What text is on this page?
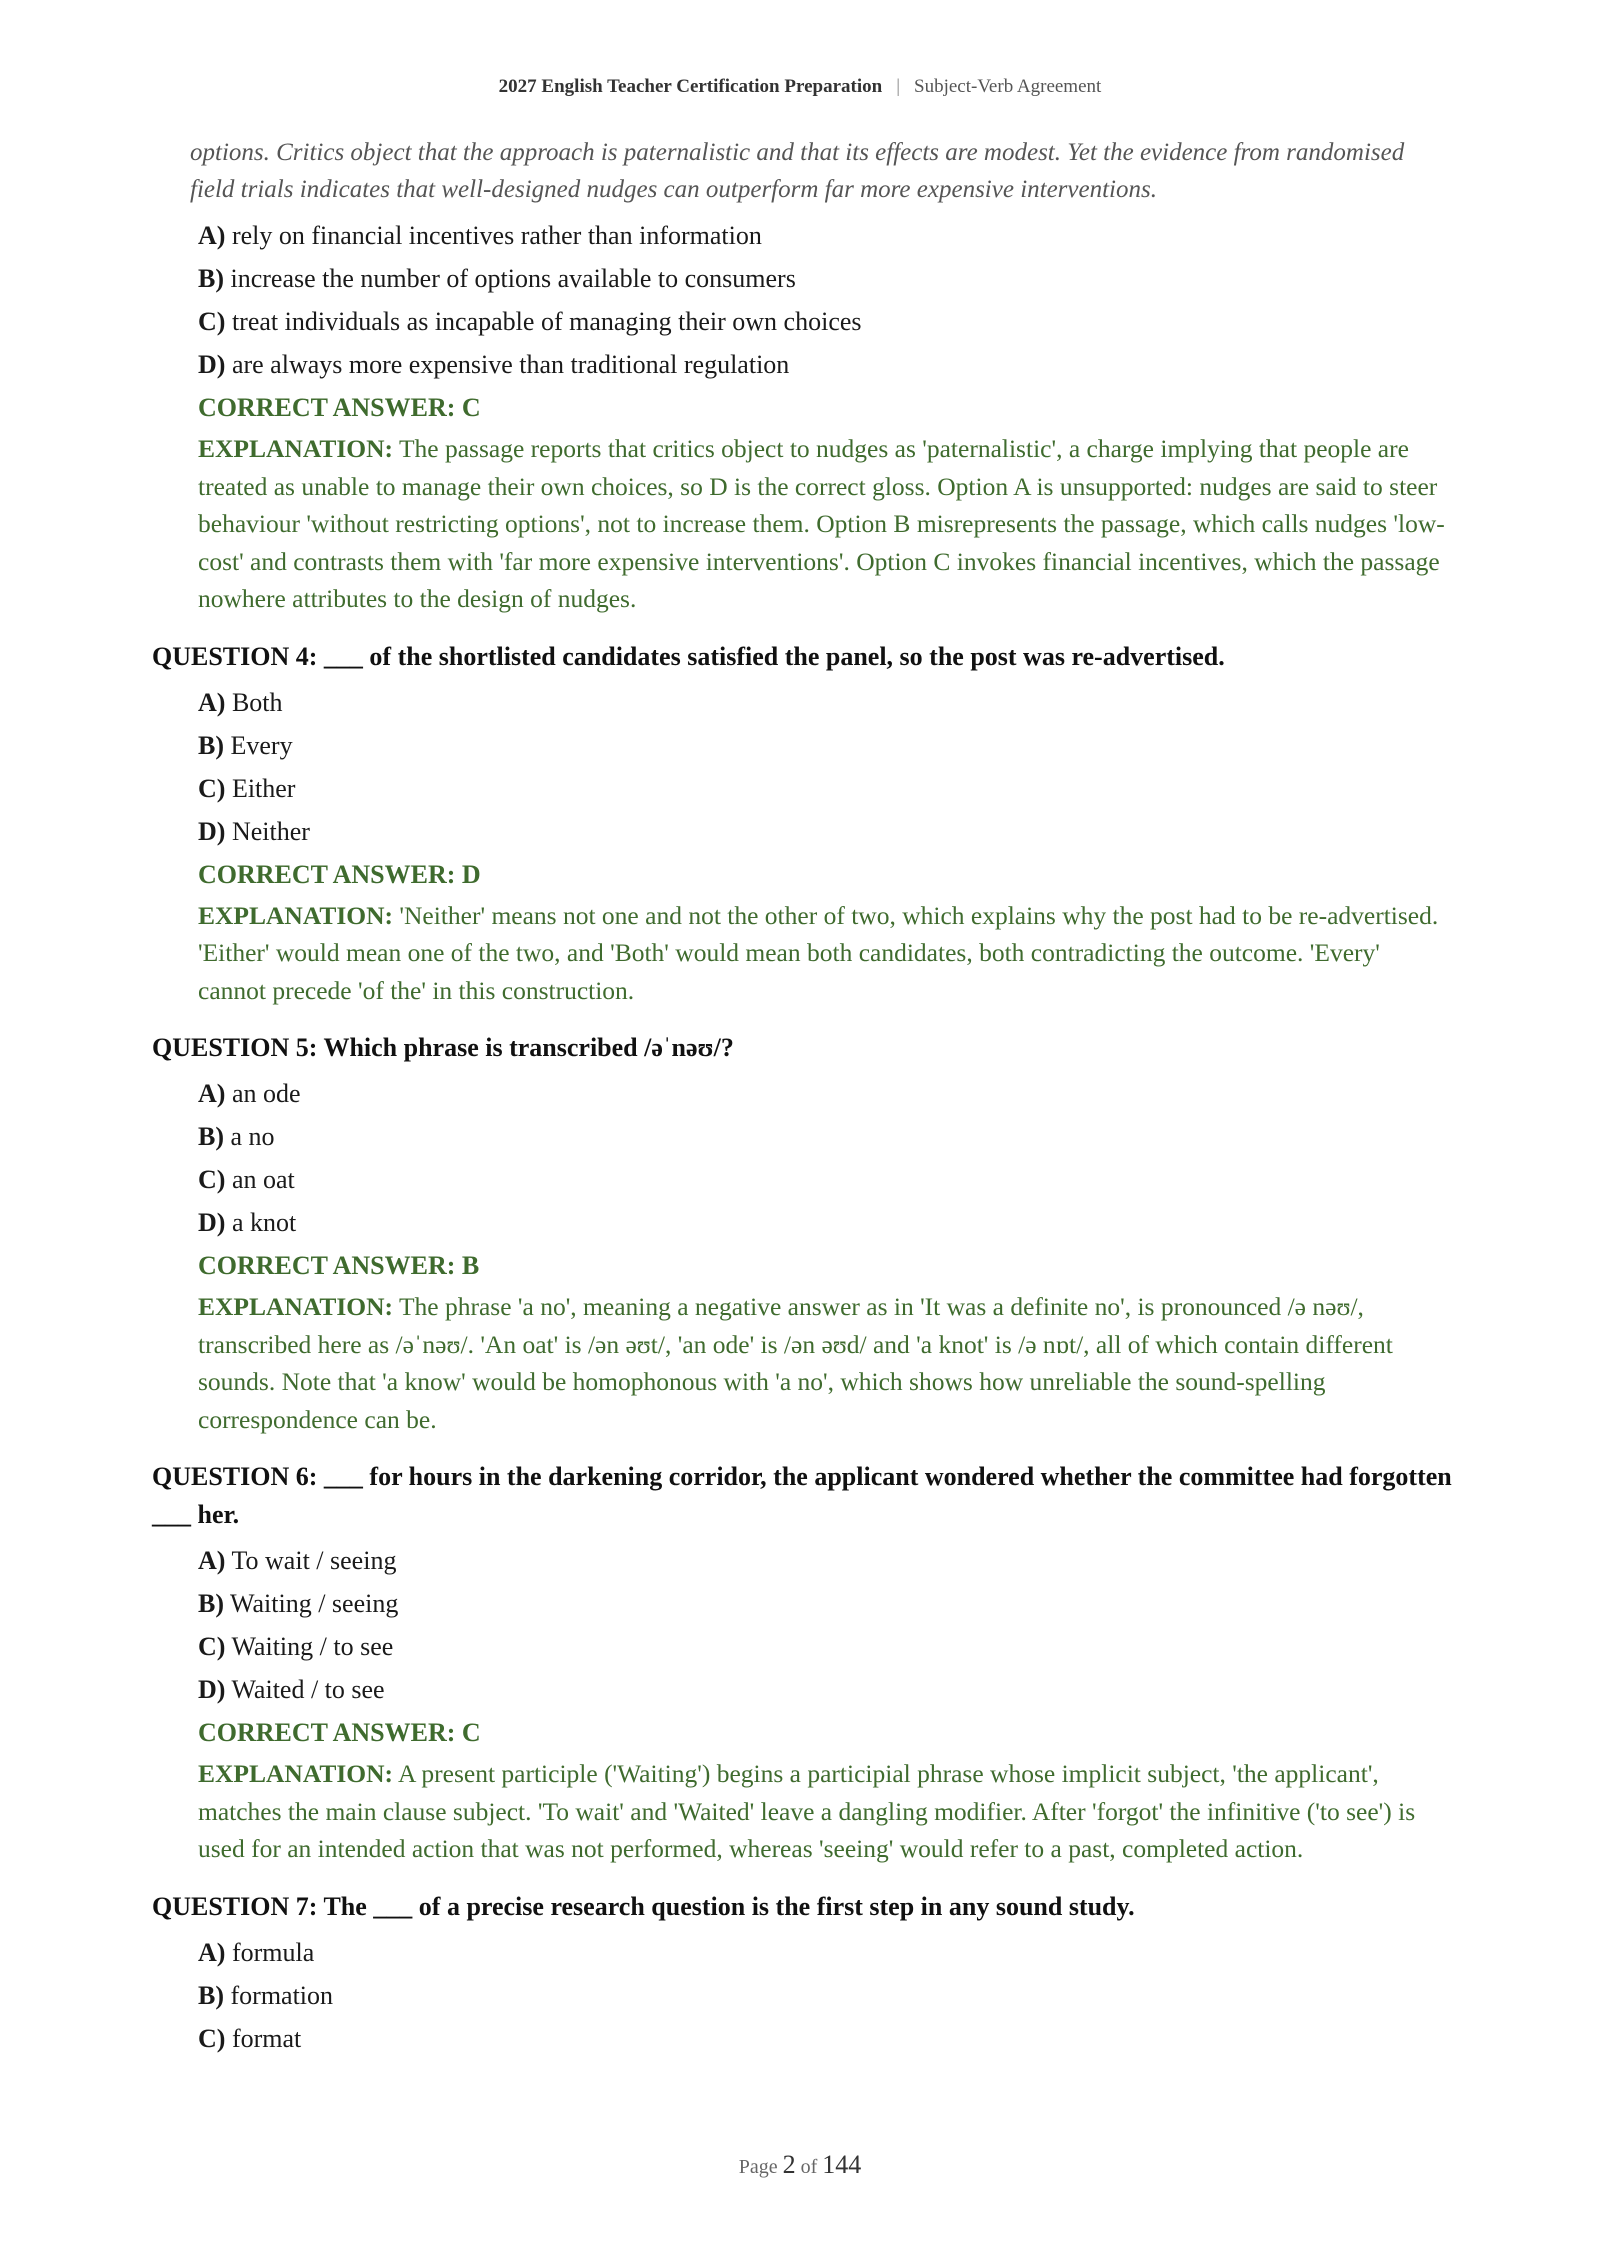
2027 English Teacher Certification Preparation | Subject-Verb Agreement
options. Critics object that the approach is paternalistic and that its effects are modest. Yet the evidence from randomised field trials indicates that well-designed nudges can outperform far more expensive interventions.
A) rely on financial incentives rather than information
B) increase the number of options available to consumers
C) treat individuals as incapable of managing their own choices
D) are always more expensive than traditional regulation
CORRECT ANSWER: C
EXPLANATION: The passage reports that critics object to nudges as 'paternalistic', a charge implying that people are treated as unable to manage their own choices, so D is the correct gloss. Option A is unsupported: nudges are said to steer behaviour 'without restricting options', not to increase them. Option B misrepresents the passage, which calls nudges 'low-cost' and contrasts them with 'far more expensive interventions'. Option C invokes financial incentives, which the passage nowhere attributes to the design of nudges.
QUESTION 4: ___ of the shortlisted candidates satisfied the panel, so the post was re-advertised.
A) Both
B) Every
C) Either
D) Neither
CORRECT ANSWER: D
EXPLANATION: 'Neither' means not one and not the other of two, which explains why the post had to be re-advertised. 'Either' would mean one of the two, and 'Both' would mean both candidates, both contradicting the outcome. 'Every' cannot precede 'of the' in this construction.
QUESTION 5: Which phrase is transcribed /əˈnəʊ/?
A) an ode
B) a no
C) an oat
D) a knot
CORRECT ANSWER: B
EXPLANATION: The phrase 'a no', meaning a negative answer as in 'It was a definite no', is pronounced /ə nəʊ/, transcribed here as /əˈnəʊ/. 'An oat' is /ən əʊt/, 'an ode' is /ən əʊd/ and 'a knot' is /ə nɒt/, all of which contain different sounds. Note that 'a know' would be homophonous with 'a no', which shows how unreliable the sound-spelling correspondence can be.
QUESTION 6: ___ for hours in the darkening corridor, the applicant wondered whether the committee had forgotten ___ her.
A) To wait / seeing
B) Waiting / seeing
C) Waiting / to see
D) Waited / to see
CORRECT ANSWER: C
EXPLANATION: A present participle ('Waiting') begins a participial phrase whose implicit subject, 'the applicant', matches the main clause subject. 'To wait' and 'Waited' leave a dangling modifier. After 'forgot' the infinitive ('to see') is used for an intended action that was not performed, whereas 'seeing' would refer to a past, completed action.
QUESTION 7: The ___ of a precise research question is the first step in any sound study.
A) formula
B) formation
C) format
Page 2 of 144
